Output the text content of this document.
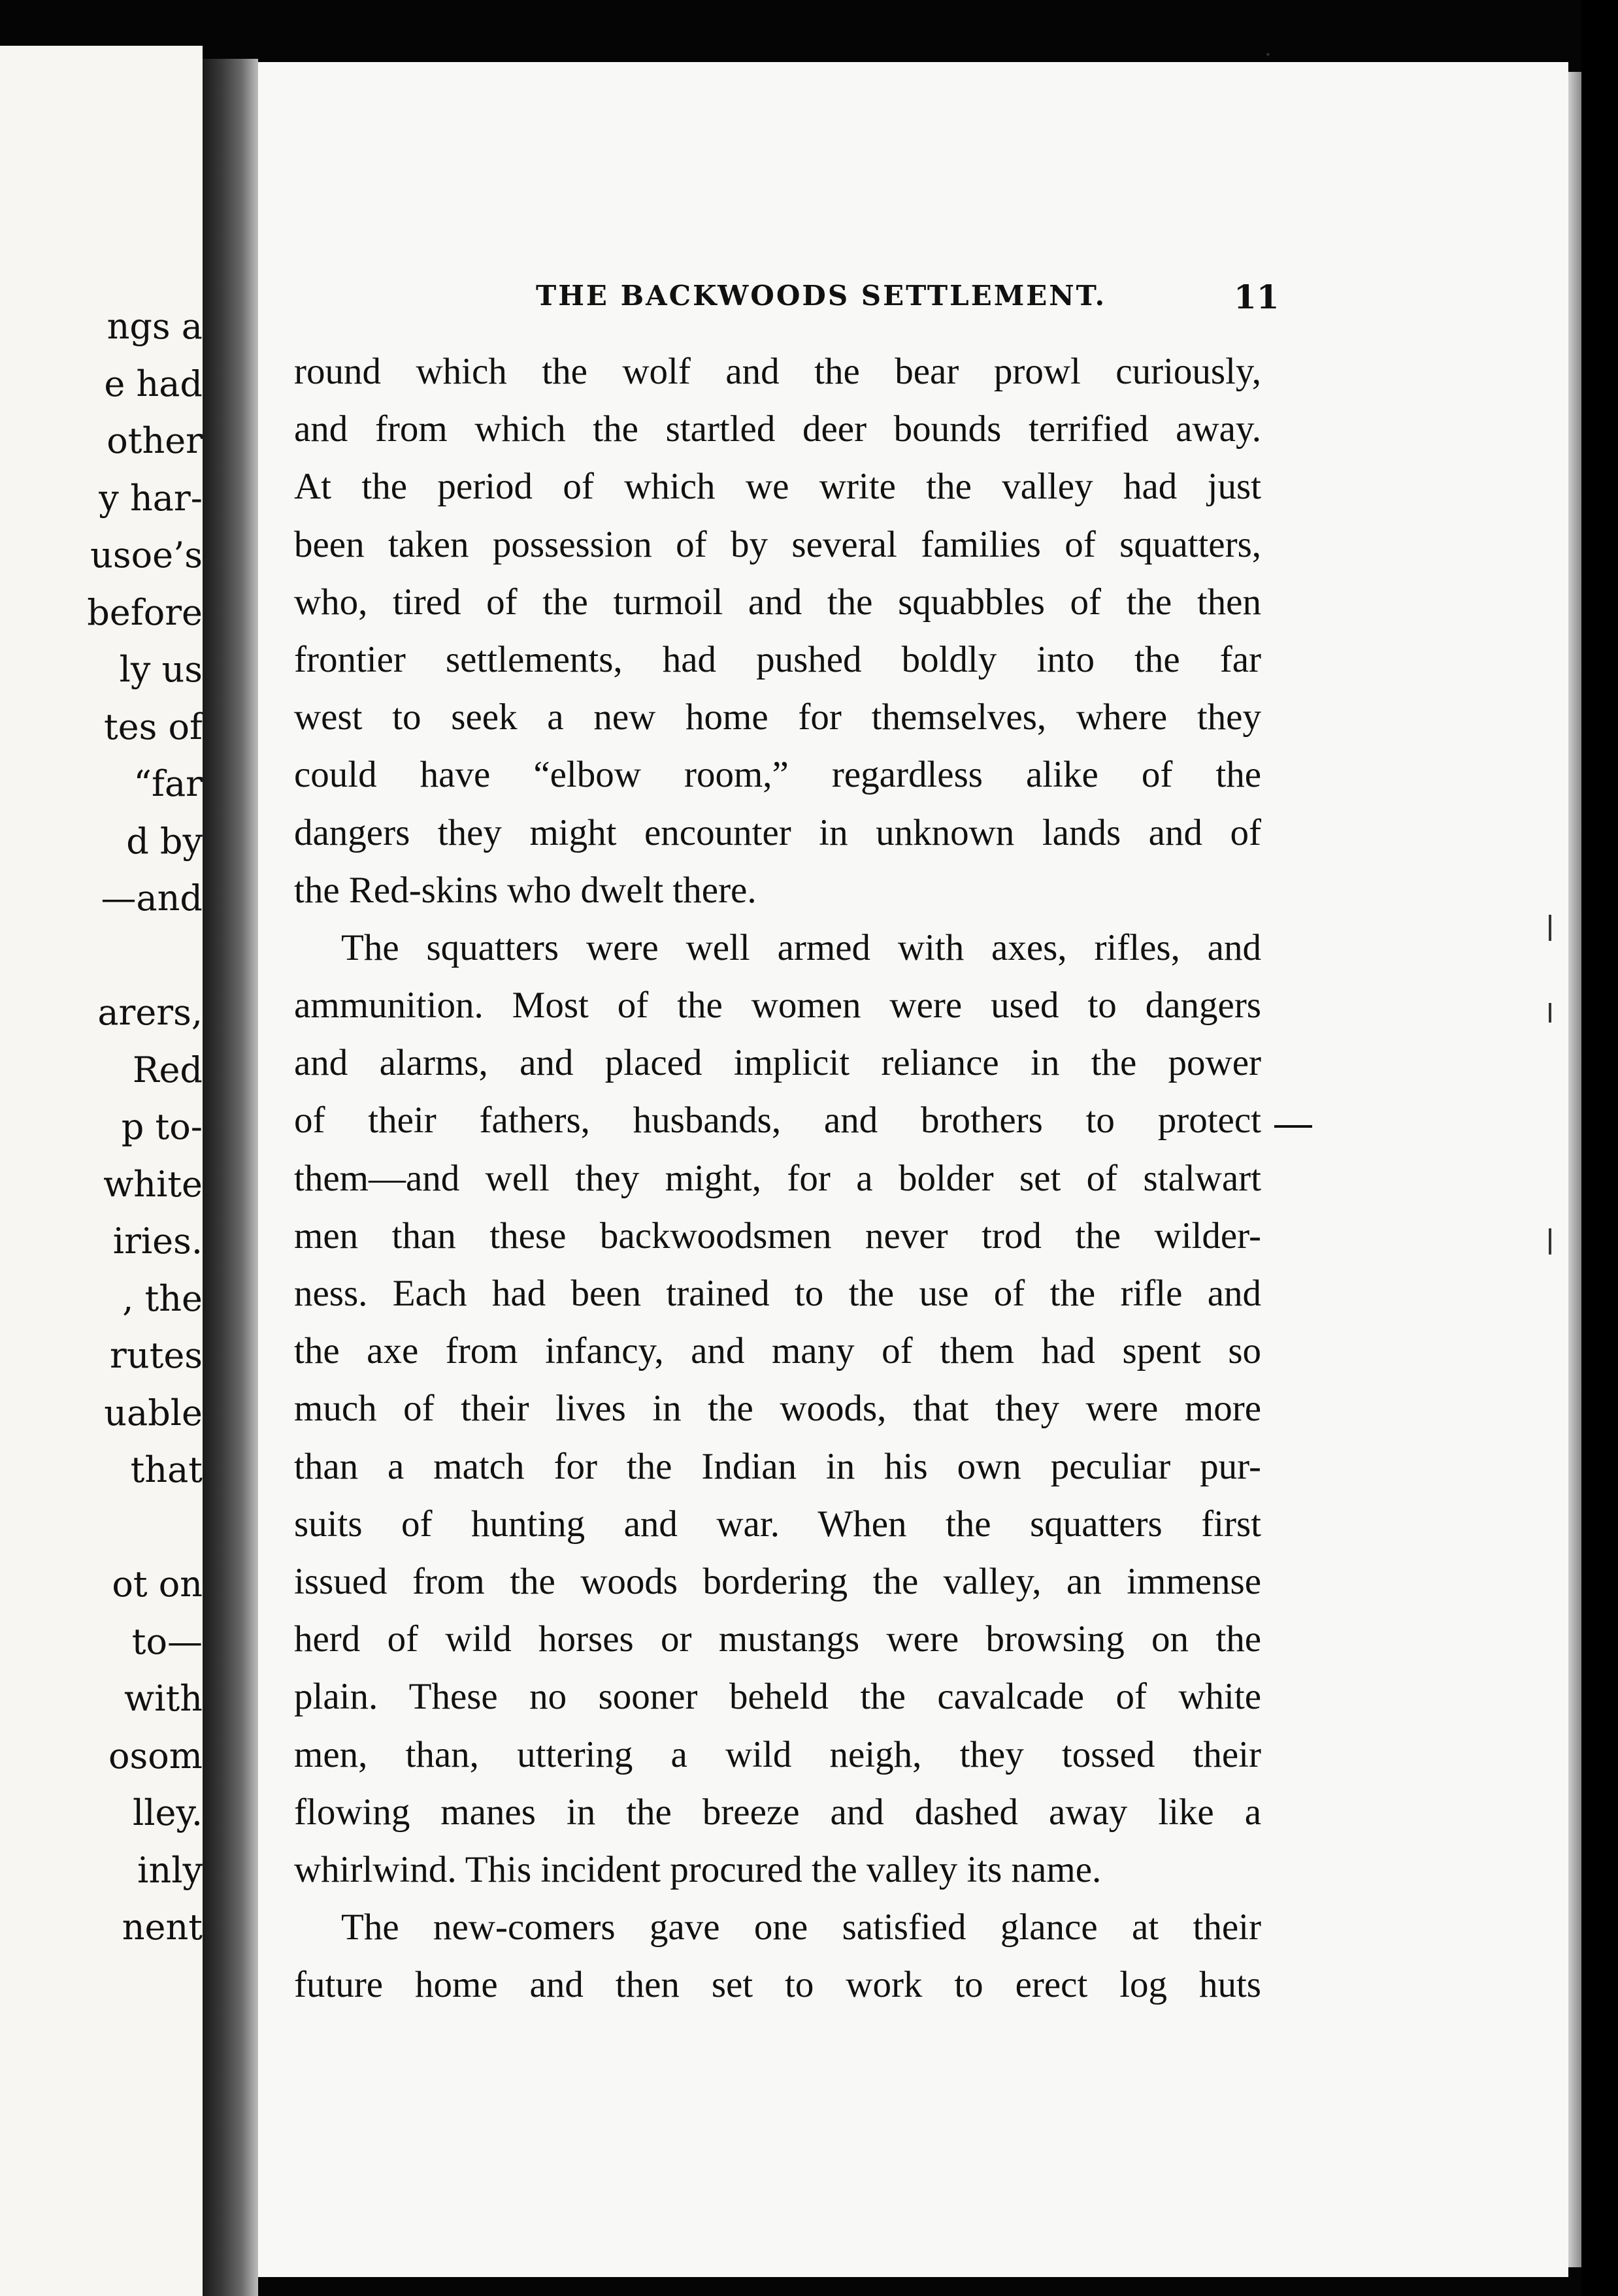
ngs a
e had
other
y har-
usoe’s
before
ly us
tes of
“far
d by
—and
arers,
Red
p to-
white
iries.
, the
rutes
uable
that
ot on
to—
with
osom
lley.
inly
nent
·
THE BACKWOODS SETTLEMENT.	11
round which the wolf and the bear prowl curiously,
and from which the startled deer bounds terrified away.
At the period of which we write the valley had just
been taken possession of by several families of squatters,
who, tired of the turmoil and the squabbles of the then
frontier settlements, had pushed boldly into the far
west to seek a new home for themselves, where they
could have “elbow room,” regardless alike of the
dangers they might encounter in unknown lands and of
the Red-skins who dwelt there.
The squatters were well armed with axes, rifles, and
ammunition. Most of the women were used to dangers
and alarms, and placed implicit reliance in the power
of their fathers, husbands, and brothers to protect
them—and well they might, for a bolder set of stalwart
men than these backwoodsmen never trod the wilder-
ness. Each had been trained to the use of the rifle and
the axe from infancy, and many of them had spent so
much of their lives in the woods, that they were more
than a match for the Indian in his own peculiar pur-
suits of hunting and war. When the squatters first
issued from the woods bordering the valley, an immense
herd of wild horses or mustangs were browsing on the
plain. These no sooner beheld the cavalcade of white
men, than, uttering a wild neigh, they tossed their
flowing manes in the breeze and dashed away like a
whirlwind. This incident procured the valley its name.
The new-comers gave one satisfied glance at their
future home and then set to work to erect log huts
